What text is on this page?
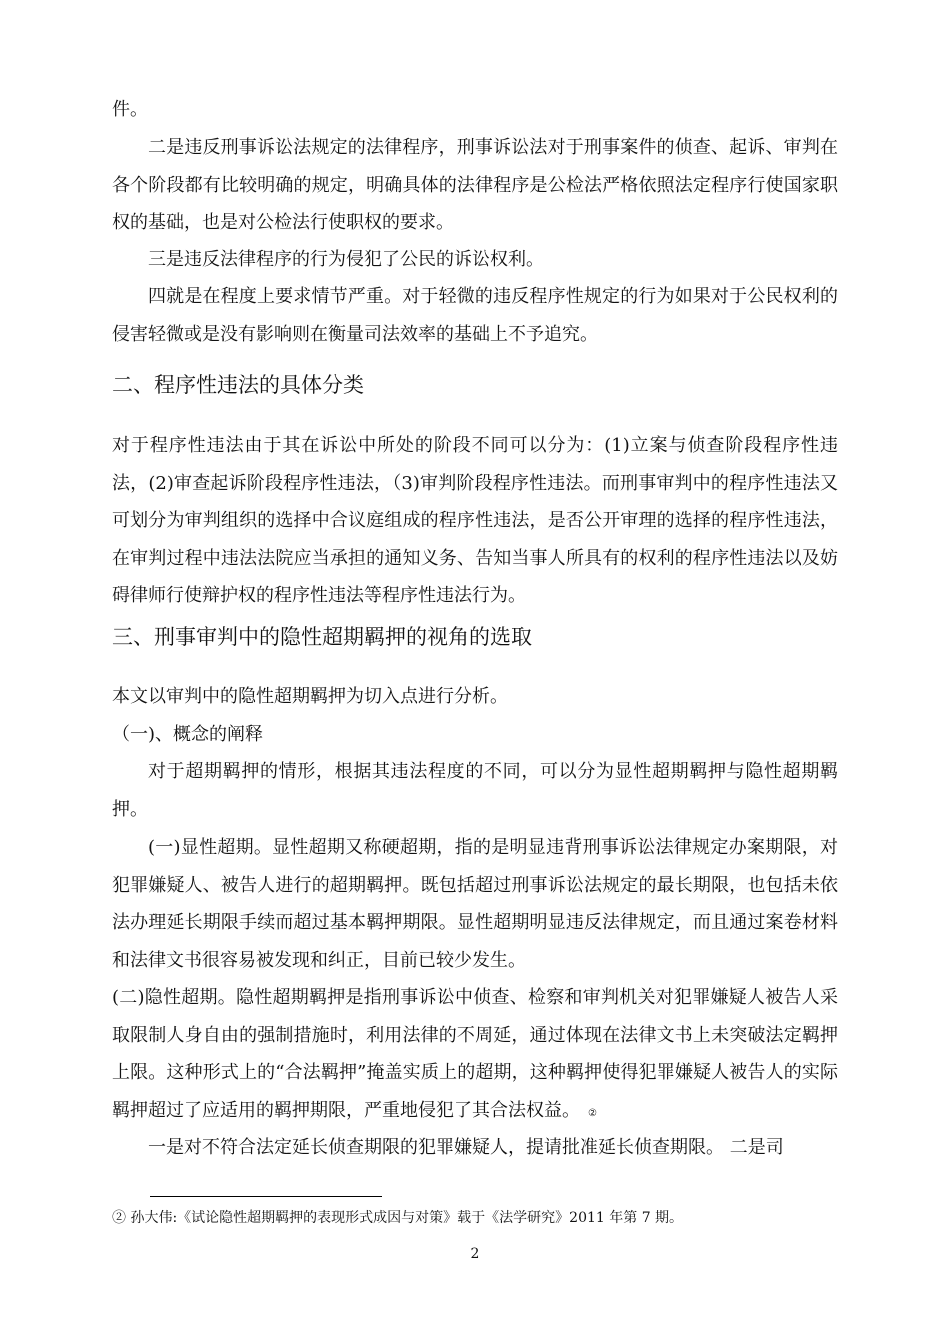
件。

二是违反刑事诉讼法规定的法律程序，刑事诉讼法对于刑事案件的侦查、起诉、审判在各个阶段都有比较明确的规定，明确具体的法律程序是公检法严格依照法定程序行使国家职权的基础，也是对公检法行使职权的要求。

三是违反法律程序的行为侵犯了公民的诉讼权利。

四就是在程度上要求情节严重。对于轻微的违反程序性规定的行为如果对于公民权利的侵害轻微或是没有影响则在衡量司法效率的基础上不予追究。

二、程序性违法的具体分类

对于程序性违法由于其在诉讼中所处的阶段不同可以分为：(1)立案与侦查阶段程序性违法，(2)审查起诉阶段程序性违法，（3)审判阶段程序性违法。而刑事审判中的程序性违法又可划分为审判组织的选择中合议庭组成的程序性违法，是否公开审理的选择的程序性违法，在审判过程中违法法院应当承担的通知义务、告知当事人所具有的权利的程序性违法以及妨碍律师行使辩护权的程序性违法等程序性违法行为。

三、刑事审判中的隐性超期羁押的视角的选取

本文以审判中的隐性超期羁押为切入点进行分析。

（一)、概念的阐释

对于超期羁押的情形，根据其违法程度的不同，可以分为显性超期羁押与隐性超期羁押。

(一)显性超期。显性超期又称硬超期，指的是明显违背刑事诉讼法律规定办案期限，对犯罪嫌疑人、被告人进行的超期羁押。既包括超过刑事诉讼法规定的最长期限，也包括未依法办理延长期限手续而超过基本羁押期限。显性超期明显违反法律规定，而且通过案卷材料和法律文书很容易被发现和纠正，目前已较少发生。

(二)隐性超期。隐性超期羁押是指刑事诉讼中侦查、检察和审判机关对犯罪嫌疑人被告人采取限制人身自由的强制措施时，利用法律的不周延，通过体现在法律文书上未突破法定羁押上限。这种形式上的“合法羁押”掩盖实质上的超期，这种羁押使得犯罪嫌疑人被告人的实际羁押超过了应适用的羁押期限，严重地侵犯了其合法权益。 ②

一是对不符合法定延长侦查期限的犯罪嫌疑人，提请批准延长侦查期限。 二是司

② 孙大伟:《试论隐性超期羁押的表现形式成因与对策》载于《法学研究》2011 年第 7 期。

2
